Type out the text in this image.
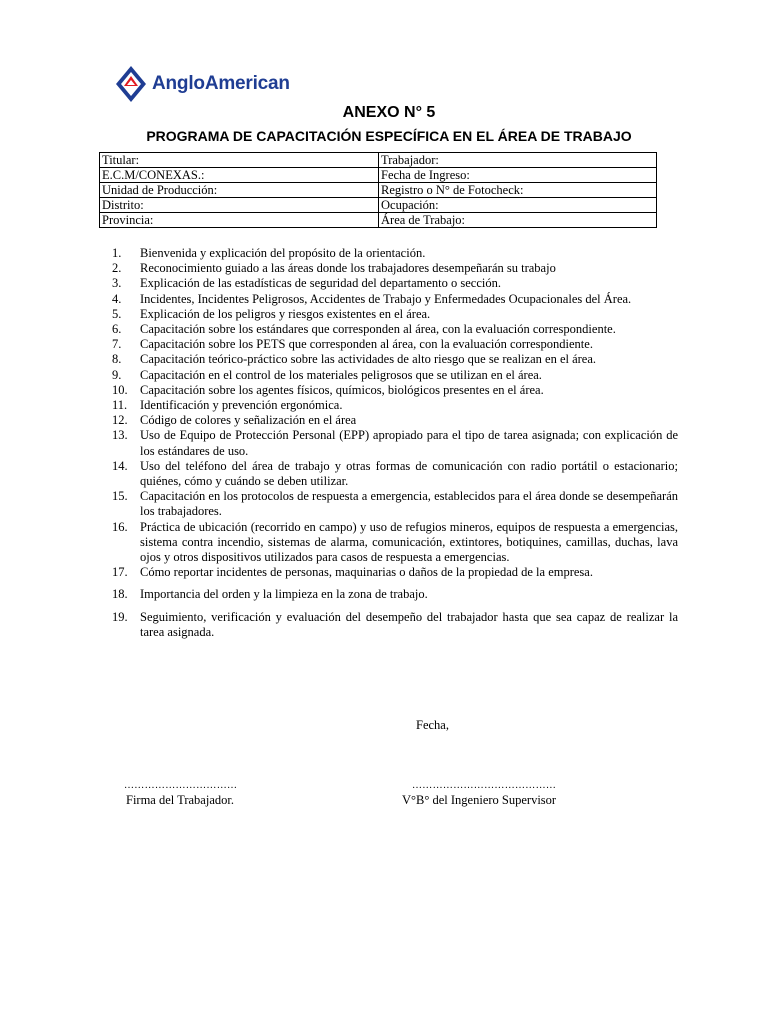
AngloAmerican
ANEXO N° 5
PROGRAMA DE CAPACITACIÓN ESPECÍFICA EN EL ÁREA DE TRABAJO
Titular:	Trabajador:
E.C.M/CONEXAS.:	Fecha de Ingreso:
Unidad de Producción:	Registro o N° de Fotocheck:
Distrito:	Ocupación:
Provincia:	Área de Trabajo:
1.	Bienvenida y explicación del propósito de la orientación.
2.	Reconocimiento guiado a las áreas donde los trabajadores desempeñarán su trabajo
3.	Explicación de las estadísticas de seguridad del departamento o sección.
4.	Incidentes, Incidentes Peligrosos, Accidentes de Trabajo y Enfermedades Ocupacionales del Área.
5.	Explicación de los peligros y riesgos existentes en el área.
6.	Capacitación sobre los estándares que corresponden al área, con la evaluación correspondiente.
7.	Capacitación sobre los PETS que corresponden al área, con la evaluación correspondiente.
8.	Capacitación teórico-práctico sobre las actividades de alto riesgo que se realizan en el área.
9.	Capacitación en el control de los materiales peligrosos que se utilizan en el área.
10. Capacitación sobre los agentes físicos, químicos, biológicos presentes en el área.
11.	Identificación y prevención ergonómica.
12. Código de colores y señalización en el área
13. Uso de Equipo de Protección Personal (EPP) apropiado para el tipo de tarea asignada; con explicación de los estándares de uso.
14. Uso del teléfono del área de trabajo y otras formas de comunicación con radio portátil o estacionario; quiénes, cómo y cuándo se deben utilizar.
15. Capacitación en los protocolos de respuesta a emergencia, establecidos para el área donde se desempeñarán los trabajadores.
16. Práctica de ubicación (recorrido en campo) y uso de refugios mineros, equipos de respuesta a emergencias, sistema contra incendio, sistemas de alarma, comunicación, extintores, botiquines, camillas, duchas, lava ojos y otros dispositivos utilizados para casos de respuesta a emergencias.
17. Cómo reportar incidentes de personas, maquinarias o daños de la propiedad de la empresa.
18. Importancia del orden y la limpieza en la zona de trabajo.
19. Seguimiento, verificación y evaluación del desempeño del trabajador hasta que sea capaz de realizar la tarea asignada.
Fecha,
……………………………	……………………………………
Firma del Trabajador.	V°B° del Ingeniero Supervisor
